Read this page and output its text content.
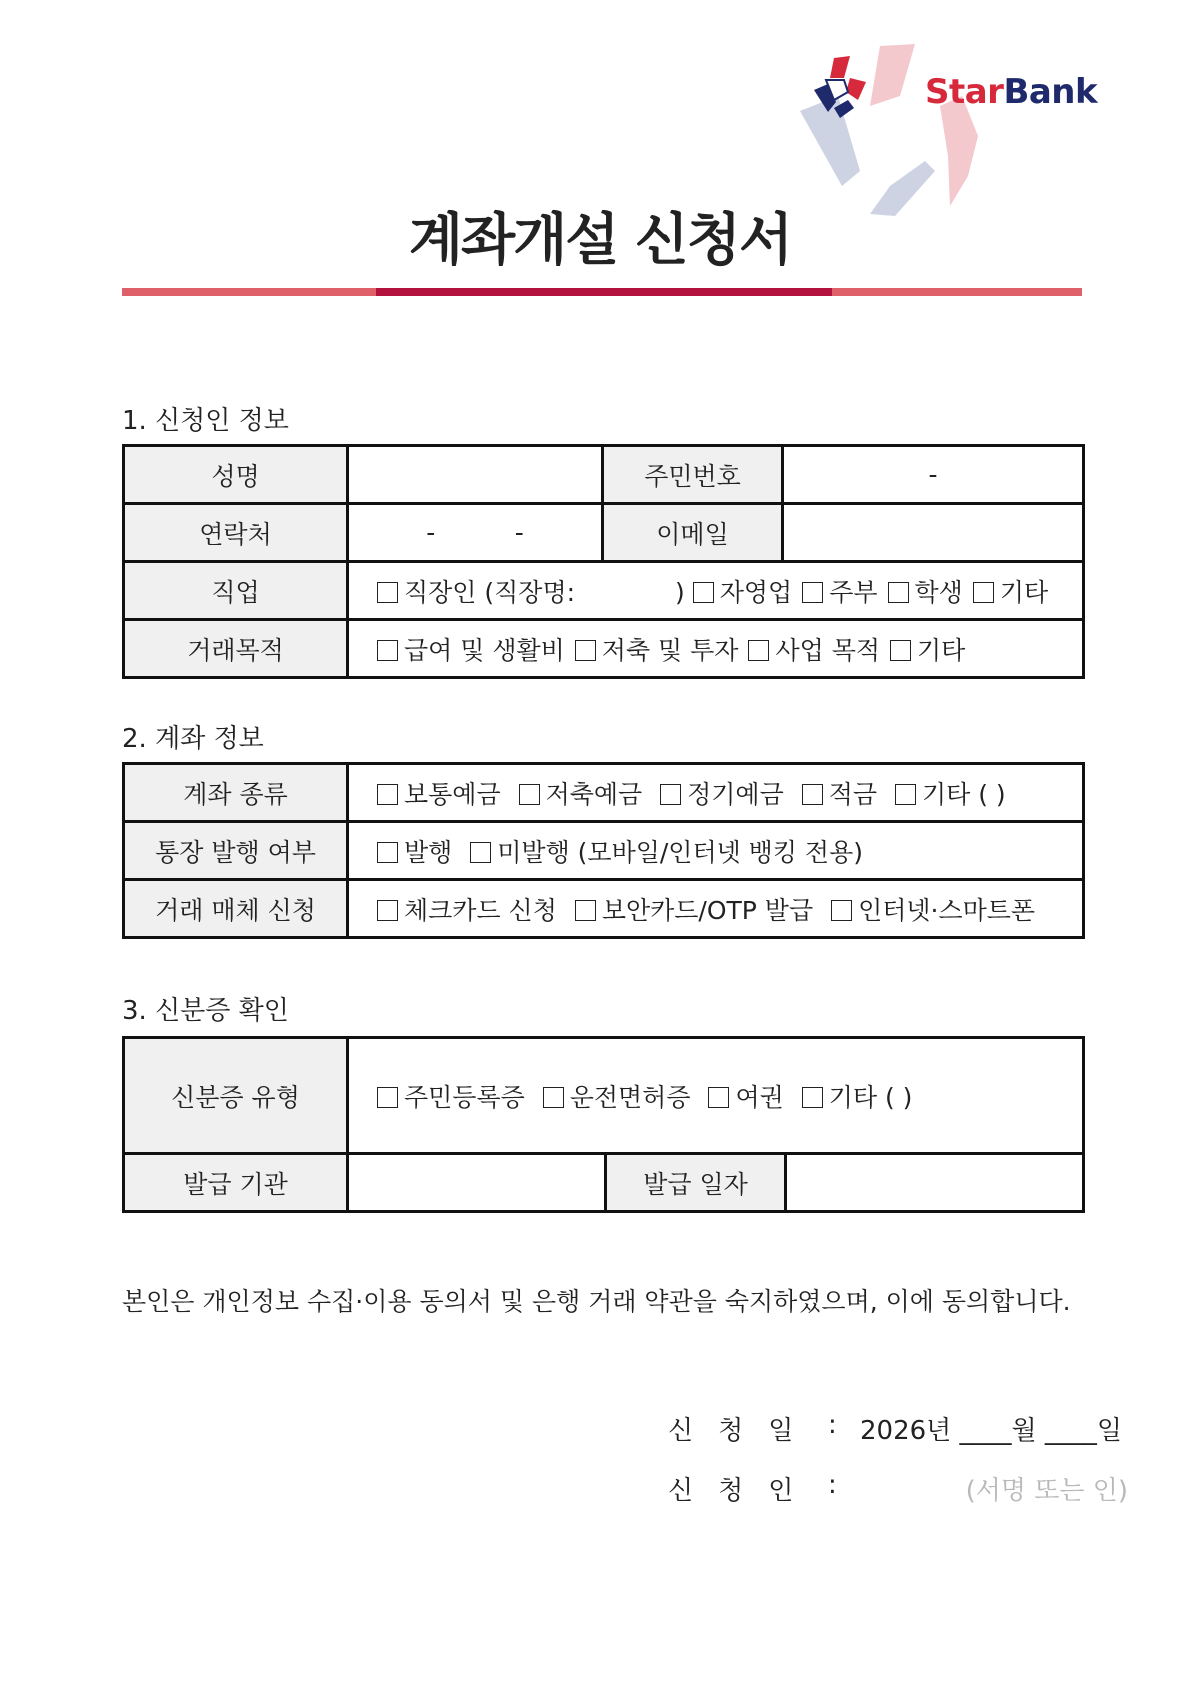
StarBank
계좌개설 신청서
1. 신청인 정보
성명		주민번호	-
연락처	-          -	이메일	
직업	직장인 (직장명: ) 자영업 주부 학생 기타		
거래목적	급여 및 생활비 저축 및 투자 사업 목적 기타		
2. 계좌 정보
계좌 종류	보통예금 저축예금 정기예금 적금 기타 ( )
통장 발행 여부	발행 미발행 (모바일/인터넷 뱅킹 전용)
거래 매체 신청	체크카드 신청 보안카드/OTP 발급 인터넷·스마트폰
3. 신분증 확인
신분증 유형	주민등록증 운전면허증 여권 기타 ( )		
발급 기관		발급 일자	
본인은 개인정보 수집·이용 동의서 및 은행 거래 약관을 숙지하였으며, 이에 동의합니다.
신청일 : 2026년 ____월 ____일
신청인 :	(서명 또는 인)
